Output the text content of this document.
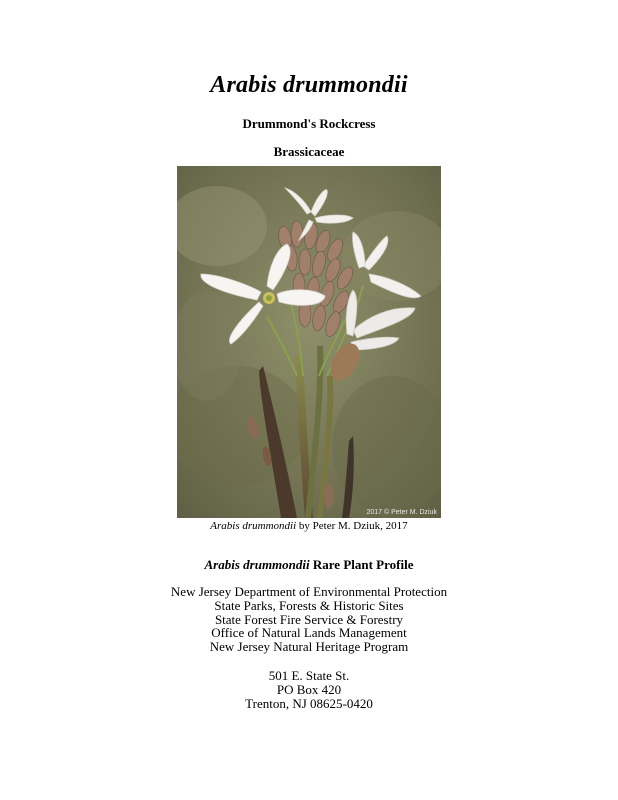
Arabis drummondii
Drummond's Rockcress
Brassicaceae
2017 © Peter M. Dziuk
Arabis drummondii by Peter M. Dziuk, 2017
Arabis drummondii Rare Plant Profile
New Jersey Department of Environmental Protection
State Parks, Forests & Historic Sites
State Forest Fire Service & Forestry
Office of Natural Lands Management
New Jersey Natural Heritage Program
501 E. State St.
PO Box 420
Trenton, NJ 08625-0420
